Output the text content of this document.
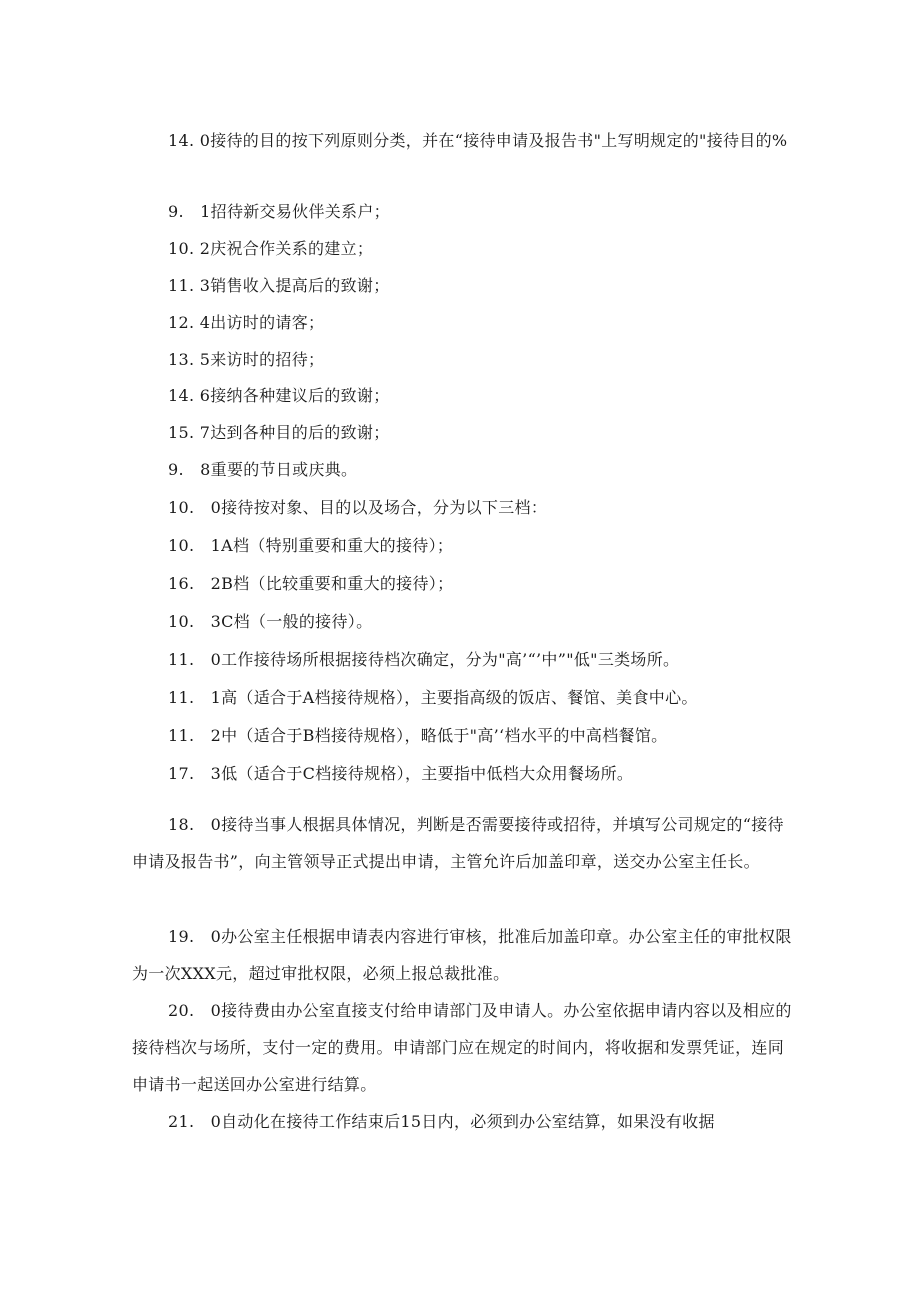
14. 0接待的目的按下列原则分类，并在“接待申请及报告书"上写明规定的"接待目的%

9.　1招待新交易伙伴关系户；
10. 2庆祝合作关系的建立；
11. 3销售收入提高后的致谢；
12. 4出访时的请客；
13. 5来访时的招待；
14. 6接纳各种建议后的致谢；
15. 7达到各种目的后的致谢；
9.　8重要的节日或庆典。
10.　0接待按对象、目的以及场合，分为以下三档：
10.　1A档（特别重要和重大的接待）；
16.　2B档（比较重要和重大的接待）；
10.　3C档（一般的接待）。
11.　0工作接待场所根据接待档次确定，分为"高’“’中”"低"三类场所。
11.　1高（适合于A档接待规格），主要指高级的饭店、餐馆、美食中心。
11.　2中（适合于B档接待规格），略低于"高’‘档水平的中高档餐馆。
17.　3低（适合于C档接待规格），主要指中低档大众用餐场所。

18.　0接待当事人根据具体情况，判断是否需要接待或招待，并填写公司规定的“接待申请及报告书”，向主管领导正式提出申请，主管允许后加盖印章，送交办公室主任长。

19.　0办公室主任根据申请表内容进行审核，批准后加盖印章。办公室主任的审批权限为一次XXX元，超过审批权限，必须上报总裁批准。

20.　0接待费由办公室直接支付给申请部门及申请人。办公室依据申请内容以及相应的接待档次与场所，支付一定的费用。申请部门应在规定的时间内，将收据和发票凭证，连同申请书一起送回办公室进行结算。

21.　0自动化在接待工作结束后15日内，必须到办公室结算，如果没有收据
